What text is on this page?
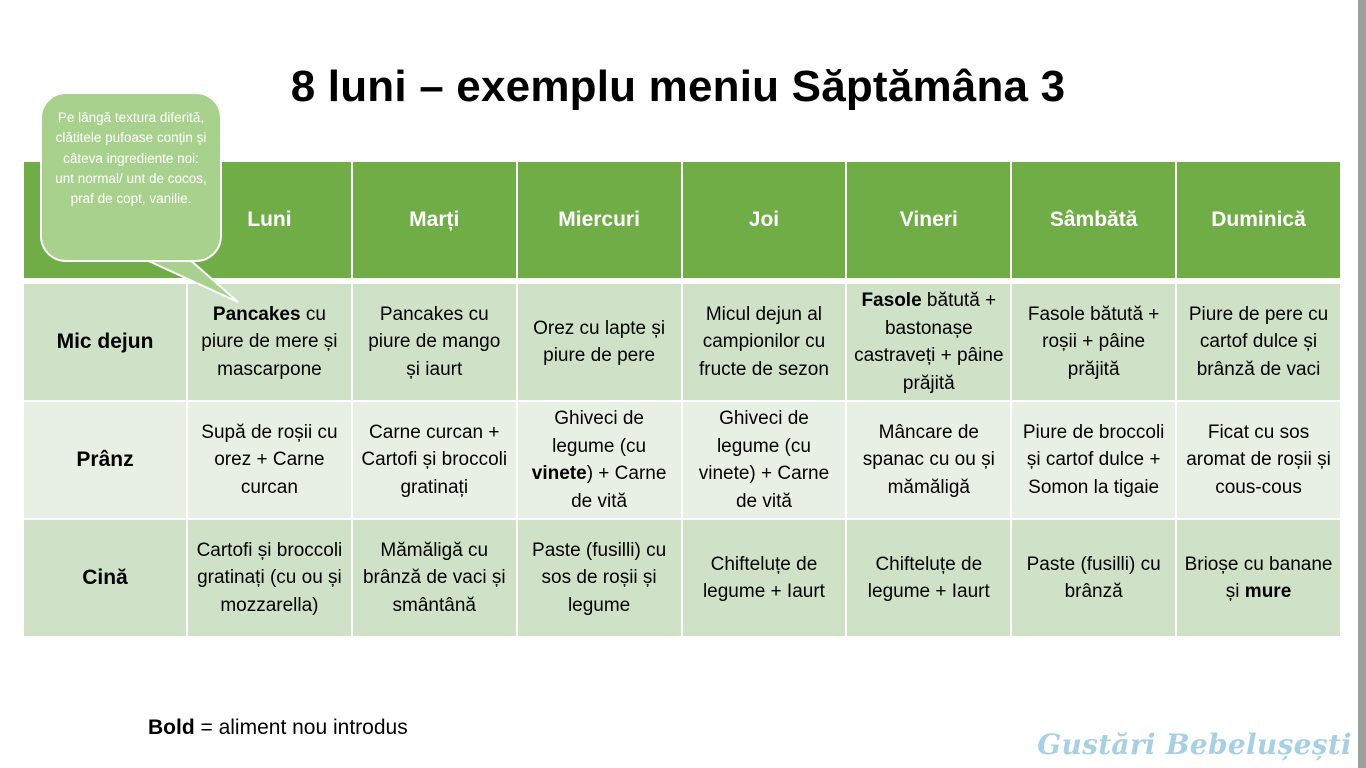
8 luni – exemplu meniu Săptămâna 3
	Luni	Marți	Miercuri	Joi	Vineri	Sâmbătă	Duminică
Mic dejun	Pancakes cu piure de mere și mascarpone	Pancakes cu piure de mango și iaurt	Orez cu lapte și piure de pere	Micul dejun al campionilor cu fructe de sezon	Fasole bătută + bastonașe castraveți + pâine prăjită	Fasole bătută + roșii + pâine prăjită	Piure de pere cu cartof dulce și brânză de vaci
Prânz	Supă de roșii cu orez + Carne curcan	Carne curcan + Cartofi și broccoli gratinați	Ghiveci de legume (cu vinete) + Carne de vită	Ghiveci de legume (cu vinete) + Carne de vită	Mâncare de spanac cu ou și mămăligă	Piure de broccoli și cartof dulce + Somon la tigaie	Ficat cu sos aromat de roșii și cous-cous
Cină	Cartofi și broccoli gratinați (cu ou și mozzarella)	Mămăligă cu brânză de vaci și smântână	Paste (fusilli) cu sos de roșii și legume	Chifteluțe de legume + Iaurt	Chifteluțe de legume + Iaurt	Paste (fusilli) cu brânză	Brioșe cu banane și mure
Pe lângă textura diferită, clătitele pufoase conțin și câteva ingrediente noi: unt normal/ unt de cocos, praf de copt, vanilie.
Bold = aliment nou introdus
Gustări Bebelușești
